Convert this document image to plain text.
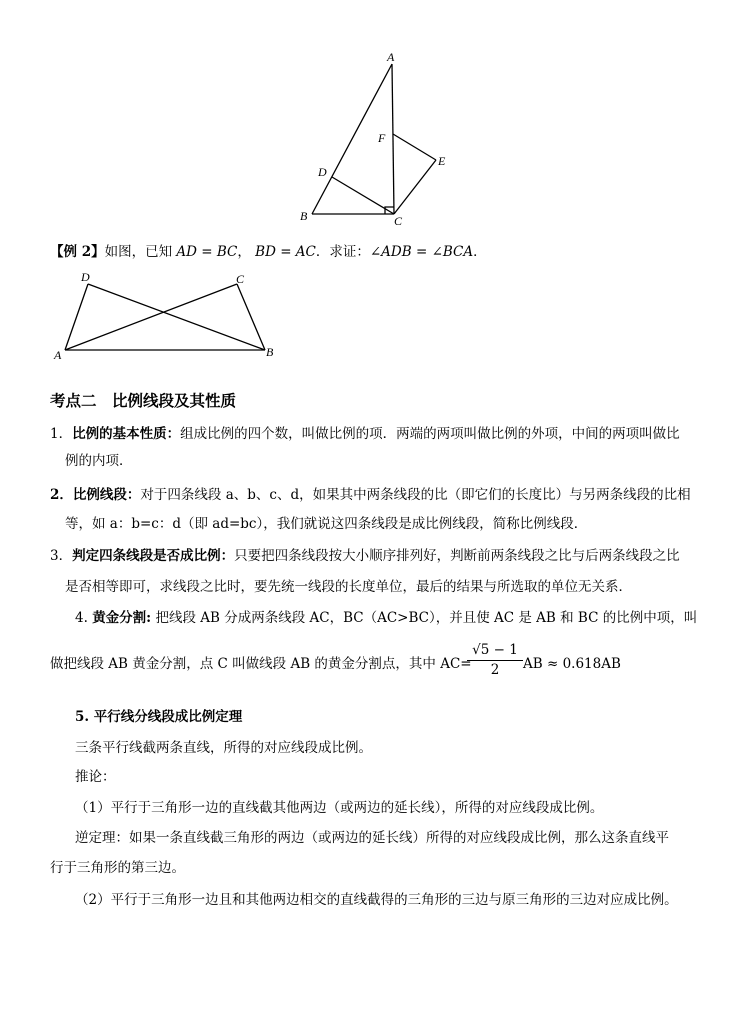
A
F
E
D
B	C
【例 2】如图，已知 AD = BC， BD = AC．求证：∠ADB = ∠BCA．
D	C
A	B
考点二　比例线段及其性质
1．比例的基本性质：组成比例的四个数，叫做比例的项．两端的两项叫做比例的外项，中间的两项叫做比
例的内项．
2．比例线段：对于四条线段 a、b、c、d，如果其中两条线段的比（即它们的长度比）与另两条线段的比相
等，如 a：b=c：d（即 ad=bc），我们就说这四条线段是成比例线段，简称比例线段．
3．判定四条线段是否成比例：只要把四条线段按大小顺序排列好，判断前两条线段之比与后两条线段之比
是否相等即可，求线段之比时，要先统一线段的长度单位，最后的结果与所选取的单位无关系．
4. 黄金分割: 把线段 AB 分成两条线段 AC，BC（AC>BC），并且使 AC 是 AB 和 BC 的比例中项，叫
做把线段 AB 黄金分割，点 C 叫做线段 AB 的黄金分割点，其中 AC=
$\frac{√5 - 1}{2}$ AB ≈ 0.618AB
5. 平行线分线段成比例定理
三条平行线截两条直线，所得的对应线段成比例。
推论：
（1）平行于三角形一边的直线截其他两边（或两边的延长线），所得的对应线段成比例。
逆定理：如果一条直线截三角形的两边（或两边的延长线）所得的对应线段成比例，那么这条直线平
行于三角形的第三边。
（2）平行于三角形一边且和其他两边相交的直线截得的三角形的三边与原三角形的三边对应成比例。
